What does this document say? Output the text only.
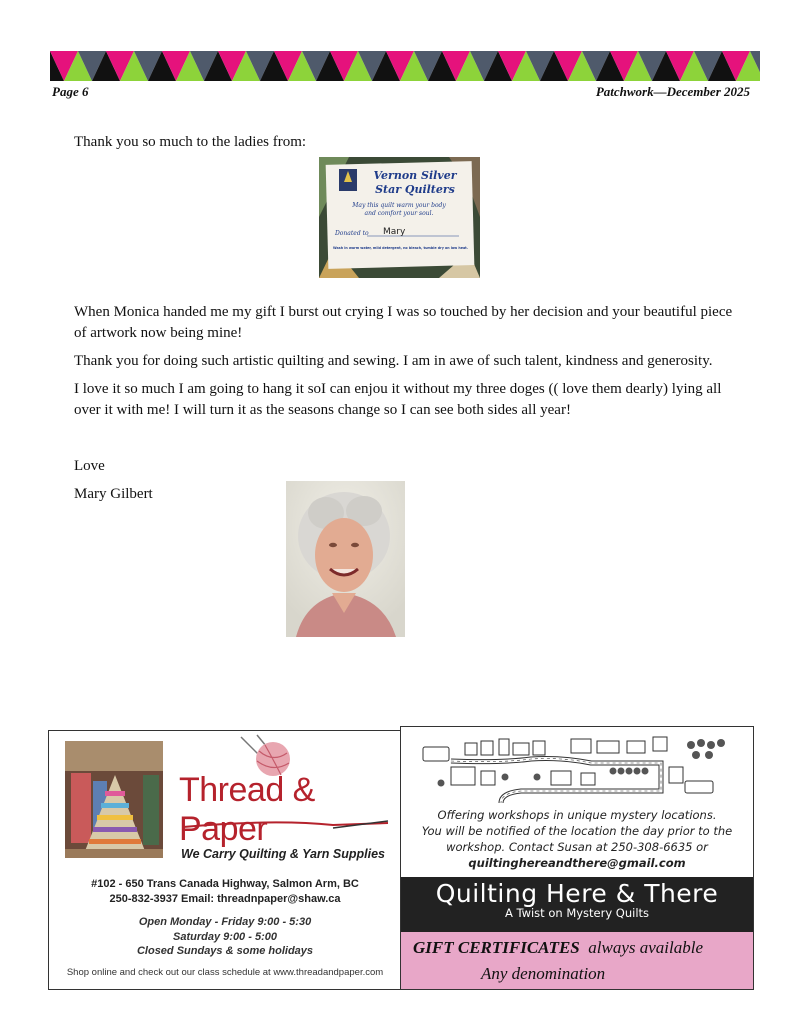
Page 6	Patchwork—December 2025

Thank you so much to the ladies from:

Vernon Silver
Star Quilters
May this quilt warm your body
and comfort your soul.
Donated to Mary
Wash in warm water, mild detergent, no bleach, tumble dry on low heat.

When Monica handed me my gift I burst out crying I was so touched by her decision and your beautiful piece of artwork now being mine!

Thank you for doing such artistic quilting and sewing. I am in awe of such talent, kindness and generosity.

I love it so much I am going to hang it soI can enjou it without my three doges (( love them dearly) lying all over it with me! I will turn it as the seasons change so I can see both sides all year!

Love

Mary Gilbert

Thread & Paper
We Carry Quilting & Yarn Supplies
#102 - 650 Trans Canada Highway, Salmon Arm, BC
250-832-3937 Email: threadnpaper@shaw.ca
Open Monday - Friday 9:00 - 5:30
Saturday 9:00 - 5:00
Closed Sundays & some holidays
Shop online and check out our class schedule at www.threadandpaper.com
Offering workshops in unique mystery locations.
You will be notified of the location the day prior to the
workshop. Contact Susan at 250-308-6635 or
quiltinghereandthere@gmail.com
Quilting Here & There
A Twist on Mystery Quilts
GIFT CERTIFICATES always available
Any denomination
